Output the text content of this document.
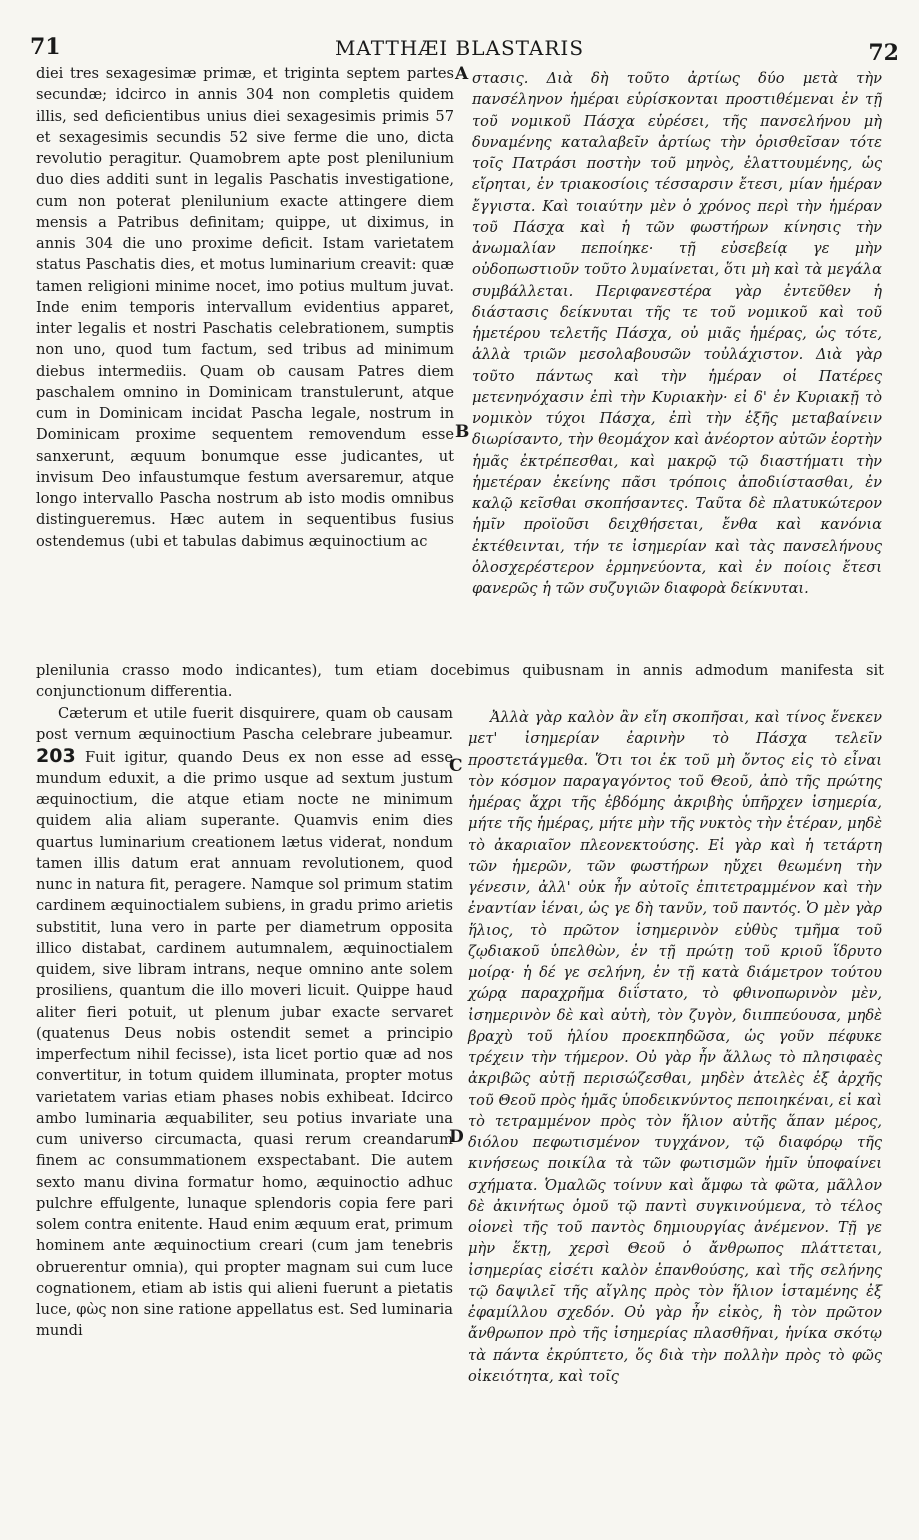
71	MATTHÆI BLASTARIS	72
A
B
C
D

diei tres sexagesimæ primæ, et triginta septem partes secundæ; idcirco in annis 304 non completis quidem illis, sed deficientibus unius diei sexagesimis primis 57 et sexagesimis secundis 52 sive ferme die uno, dicta revolutio peragitur. Quamobrem apte post plenilunium duo dies additi sunt in legalis Paschatis investigatione, cum non poterat plenilunium exacte attingere diem mensis a Patribus definitam; quippe, ut diximus, in annis 304 die uno proxime deficit. Istam varietatem status Paschatis dies, et motus luminarium creavit: quæ tamen religioni minime nocet, imo potius multum juvat. Inde enim temporis intervallum evidentius apparet, inter legalis et nostri Paschatis celebrationem, sumptis non uno, quod tum factum, sed tribus ad minimum diebus intermediis. Quam ob causam Patres diem paschalem omnino in Dominicam transtulerunt, atque cum in Dominicam incidat Pascha legale, nostrum in Dominicam proxime sequentem removendum esse sanxerunt, æquum bonumque esse judicantes, ut invisum Deo infaustumque festum aversaremur, atque longo intervallo Pascha nostrum ab isto modis omnibus distingueremus. Hæc autem in sequentibus fusius ostendemus (ubi et tabulas dabimus æquinoctium ac

στασις. Διὰ δὴ τοῦτο ἀρτίως δύο μετὰ τὴν πανσέληνον ἡμέραι εὑρίσκονται προστιθέμεναι ἐν τῇ τοῦ νομικοῦ Πάσχα εὑρέσει, τῆς πανσελήνου μὴ δυναμένης καταλαβεῖν ἀρτίως τὴν ὁρισθεῖσαν τότε τοῖς Πατράσι ποστὴν τοῦ μηνὸς, ἐλαττουμένης, ὡς εἴρηται, ἐν τριακοσίοις τέσσαρσιν ἔτεσι, μίαν ἡμέραν ἔγγιστα. Καὶ τοιαύτην μὲν ὁ χρόνος περὶ τὴν ἡμέραν τοῦ Πάσχα καὶ ἡ τῶν φωστήρων κίνησις τὴν ἀνωμαλίαν πεποίηκε· τῇ εὐσεβείᾳ γε μὴν οὐδοπωστιοῦν τοῦτο λυμαίνεται, ὅτι μὴ καὶ τὰ μεγάλα συμβάλλεται. Περιφανεστέρα γὰρ ἐντεῦθεν ἡ διάστασις δείκνυται τῆς τε τοῦ νομικοῦ καὶ τοῦ ἡμετέρου τελετῆς Πάσχα, οὐ μιᾶς ἡμέρας, ὡς τότε, ἀλλὰ τριῶν μεσολαβουσῶν τοὐλάχιστον. Διὰ γὰρ τοῦτο πάντως καὶ τὴν ἡμέραν οἱ Πατέρες μετενηνόχασιν ἐπὶ τὴν Κυριακὴν· εἰ δ' ἐν Κυριακῇ τὸ νομικὸν τύχοι Πάσχα, ἐπὶ τὴν ἑξῆς μεταβαίνειν διωρίσαντο, τὴν θεομάχον καὶ ἀνέορτον αὐτῶν ἑορτὴν ἡμᾶς ἐκτρέπεσθαι, καὶ μακρῷ τῷ διαστήματι τὴν ἡμετέραν ἐκείνης πᾶσι τρόποις ἀποδιίστασθαι, ἐν καλῷ κεῖσθαι σκοπήσαντες. Ταῦτα δὲ πλατυκώτερον ἡμῖν προϊοῦσι δειχθήσεται, ἔνθα καὶ κανόνια ἐκτέθεινται, τήν τε ἰσημερίαν καὶ τὰς πανσελήνους ὁλοσχερέστερον ἑρμηνεύοντα, καὶ ἐν ποίοις ἔτεσι φανερῶς ἡ τῶν συζυγιῶν διαφορὰ δείκνυται.

plenilunia crasso modo indicantes), tum etiam docebimus quibusnam in annis admodum manifesta sit conjunctionum differentia.

Cæterum et utile fuerit disquirere, quam ob causam post vernum æquinoctium Pascha celebrare jubeamur. 203 Fuit igitur, quando Deus ex non esse ad esse mundum eduxit, a die primo usque ad sextum justum æquinoctium, die atque etiam nocte ne minimum quidem alia aliam superante. Quamvis enim dies quartus luminarium creationem lætus viderat, nondum tamen illis datum erat annuam revolutionem, quod nunc in natura fit, peragere. Namque sol primum statim cardinem æquinoctialem subiens, in gradu primo arietis substitit, luna vero in parte per diametrum opposita illico distabat, cardinem autumnalem, æquinoctialem quidem, sive libram intrans, neque omnino ante solem prosiliens, quantum die illo moveri licuit. Quippe haud aliter fieri potuit, ut plenum jubar exacte servaret (quatenus Deus nobis ostendit semet a principio imperfectum nihil fecisse), ista licet portio quæ ad nos convertitur, in totum quidem illuminata, propter motus varietatem varias etiam phases nobis exhibeat. Idcirco ambo luminaria æquabiliter, seu potius invariate una cum universo circumacta, quasi rerum creandarum finem ac consummationem exspectabant. Die autem sexto manu divina formatur homo, æquinoctio adhuc pulchre effulgente, lunaque splendoris copia fere pari solem contra enitente. Haud enim æquum erat, primum hominem ante æquinoctium creari (cum jam tenebris obruerentur omnia), qui propter magnam sui cum luce cognationem, etiam ab istis qui alieni fuerunt a pietatis luce, φὼς non sine ratione appellatus est. Sed luminaria mundi

Ἀλλὰ γὰρ καλὸν ἂν εἴη σκοπῆσαι, καὶ τίνος ἕνεκεν μετ' ἰσημερίαν ἐαρινὴν τὸ Πάσχα τελεῖν προστετάγμεθα. Ὅτι τοι ἐκ τοῦ μὴ ὄντος εἰς τὸ εἶναι τὸν κόσμον παραγαγόντος τοῦ Θεοῦ, ἀπὸ τῆς πρώτης ἡμέρας ἄχρι τῆς ἑβδόμης ἀκριβὴς ὑπῆρχεν ἰσημερία, μήτε τῆς ἡμέρας, μήτε μὴν τῆς νυκτὸς τὴν ἑτέραν, μηδὲ τὸ ἀκαριαῖον πλεονεκτούσης. Εἰ γὰρ καὶ ἡ τετάρτη τῶν ἡμερῶν, τῶν φωστήρων ηὔχει θεωμένη τὴν γένεσιν, ἀλλ' οὐκ ἦν αὐτοῖς ἐπιτετραμμένον καὶ τὴν ἐναντίαν ἰέναι, ὡς γε δὴ τανῦν, τοῦ παντός. Ὁ μὲν γὰρ ἥλιος, τὸ πρῶτον ἰσημερινὸν εὐθὺς τμῆμα τοῦ ζῳδιακοῦ ὑπελθὼν, ἐν τῇ πρώτῃ τοῦ κριοῦ ἵδρυτο μοίρᾳ· ἡ δέ γε σελήνη, ἐν τῇ κατὰ διάμετρον τούτου χώρᾳ παραχρῆμα διΐστατο, τὸ φθινοπωρινὸν μὲν, ἰσημερινὸν δὲ καὶ αὐτὴ, τὸν ζυγὸν, διιππεύουσα, μηδὲ βραχὺ τοῦ ἡλίου προεκπηδῶσα, ὡς γοῦν πέφυκε τρέχειν τὴν τήμερον. Οὐ γὰρ ἦν ἄλλως τὸ πλησιφαὲς ἀκριβῶς αὐτῇ περισώζεσθαι, μηδὲν ἀτελὲς ἐξ ἀρχῆς τοῦ Θεοῦ πρὸς ἡμᾶς ὑποδεικνύντος πεποιηκέναι, εἰ καὶ τὸ τετραμμένον πρὸς τὸν ἥλιον αὐτῆς ἅπαν μέρος, διόλου πεφωτισμένον τυγχάνον, τῷ διαφόρῳ τῆς κινήσεως ποικίλα τὰ τῶν φωτισμῶν ἡμῖν ὑποφαίνει σχήματα. Ὁμαλῶς τοίνυν καὶ ἄμφω τὰ φῶτα, μᾶλλον δὲ ἀκινήτως ὁμοῦ τῷ παντὶ συγκινούμενα, τὸ τέλος οἱονεὶ τῆς τοῦ παντὸς δημιουργίας ἀνέμενον. Τῇ γε μὴν ἕκτῃ, χερσὶ Θεοῦ ὁ ἄνθρωπος πλάττεται, ἰσημερίας εἰσέτι καλὸν ἐπανθούσης, καὶ τῆς σελήνης τῷ δαψιλεῖ τῆς αἴγλης πρὸς τὸν ἥλιον ἱσταμένης ἐξ ἐφαμίλλου σχεδόν. Οὐ γὰρ ἦν εἰκὸς, ἢ τὸν πρῶτον ἄνθρωπον πρὸ τῆς ἰσημερίας πλασθῆναι, ἡνίκα σκότῳ τὰ πάντα ἐκρύπτετο, ὅς διὰ τὴν πολλὴν πρὸς τὸ φῶς οἰκειότητα, καὶ τοῖς
